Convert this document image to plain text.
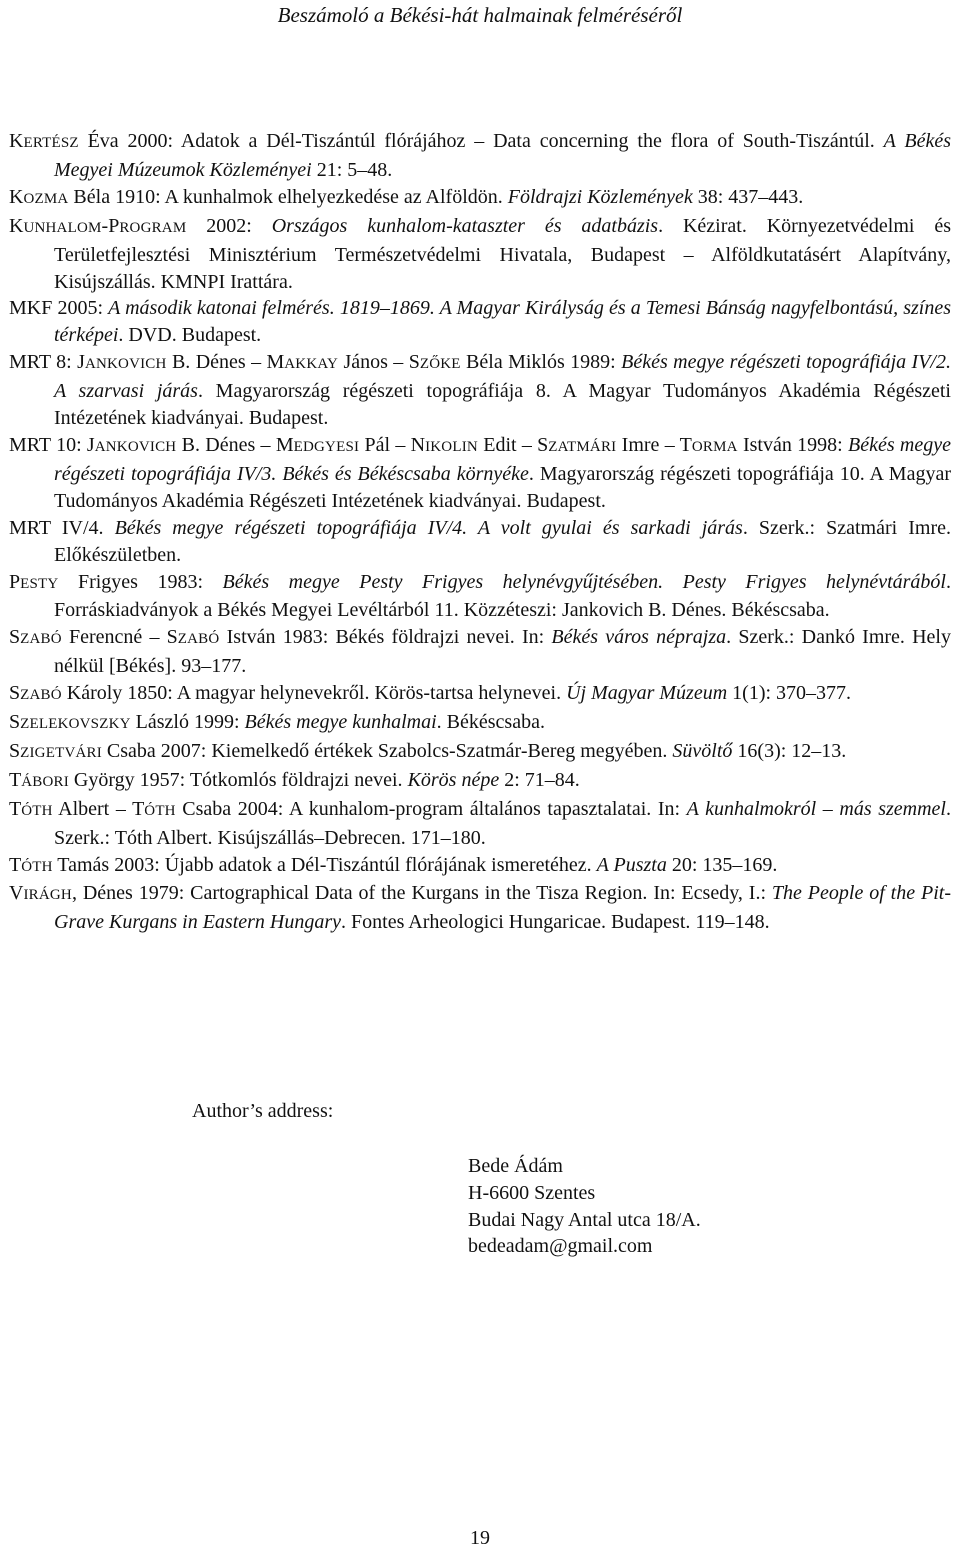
Beszámoló a Békési-hát halmainak felméréséről

KERTÉSZ Éva 2000: Adatok a Dél-Tiszántúl flórájához – Data concerning the flora of South-Tiszántúl. A Békés Megyei Múzeumok Közleményei 21: 5–48.

KOZMA Béla 1910: A kunhalmok elhelyezkedése az Alföldön. Földrajzi Közlemények 38: 437–443.

KUNHALOM-PROGRAM 2002: Országos kunhalom-kataszter és adatbázis. Kézirat. Környezetvédelmi és Területfejlesztési Minisztérium Természetvédelmi Hivatala, Budapest – Alföldkutatásért Alapítvány, Kisújszállás. KMNPI Irattára.

MKF 2005: A második katonai felmérés. 1819–1869. A Magyar Királyság és a Temesi Bánság nagyfelbontású, színes térképei. DVD. Budapest.

MRT 8: JANKOVICH B. Dénes – MAKKAY János – SZŐKE Béla Miklós 1989: Békés megye régészeti topográfiája IV/2. A szarvasi járás. Magyarország régészeti topográfiája 8. A Magyar Tudományos Akadémia Régészeti Intézetének kiadványai. Budapest.

MRT 10: JANKOVICH B. Dénes – MEDGYESI Pál – NIKOLIN Edit – SZATMÁRI Imre – TORMA István 1998: Békés megye régészeti topográfiája IV/3. Békés és Békéscsaba környéke. Magyarország régészeti topográfiája 10. A Magyar Tudományos Akadémia Régészeti Intézetének kiadványai. Budapest.

MRT IV/4. Békés megye régészeti topográfiája IV/4. A volt gyulai és sarkadi járás. Szerk.: Szatmári Imre. Előkészületben.

PESTY Frigyes 1983: Békés megye Pesty Frigyes helynévgyűjtésében. Pesty Frigyes helynévtárából. Forráskiadványok a Békés Megyei Levéltárból 11. Közzéteszi: Jankovich B. Dénes. Békéscsaba.

SZABÓ Ferencné – SZABÓ István 1983: Békés földrajzi nevei. In: Békés város néprajza. Szerk.: Dankó Imre. Hely nélkül [Békés]. 93–177.

SZABÓ Károly 1850: A magyar helynevekről. Körös-tartsa helynevei. Új Magyar Múzeum 1(1): 370–377.

SZELEKOVSZKY László 1999: Békés megye kunhalmai. Békéscsaba.

SZIGETVÁRI Csaba 2007: Kiemelkedő értékek Szabolcs-Szatmár-Bereg megyében. Süvöltő 16(3): 12–13.

TÁBORI György 1957: Tótkomlós földrajzi nevei. Körös népe 2: 71–84.

TÓTH Albert – TÓTH Csaba 2004: A kunhalom-program általános tapasztalatai. In: A kunhalmokról – más szemmel. Szerk.: Tóth Albert. Kisújszállás–Debrecen. 171–180.

TÓTH Tamás 2003: Újabb adatok a Dél-Tiszántúl flórájának ismeretéhez. A Puszta 20: 135–169.

VIRÁGH, Dénes 1979: Cartographical Data of the Kurgans in the Tisza Region. In: Ecsedy, I.: The People of the Pit-Grave Kurgans in Eastern Hungary. Fontes Arheologici Hungaricae. Budapest. 119–148.

Author’s address:
Bede Ádám
H-6600 Szentes
Budai Nagy Antal utca 18/A.
bedeadam@gmail.com
19
